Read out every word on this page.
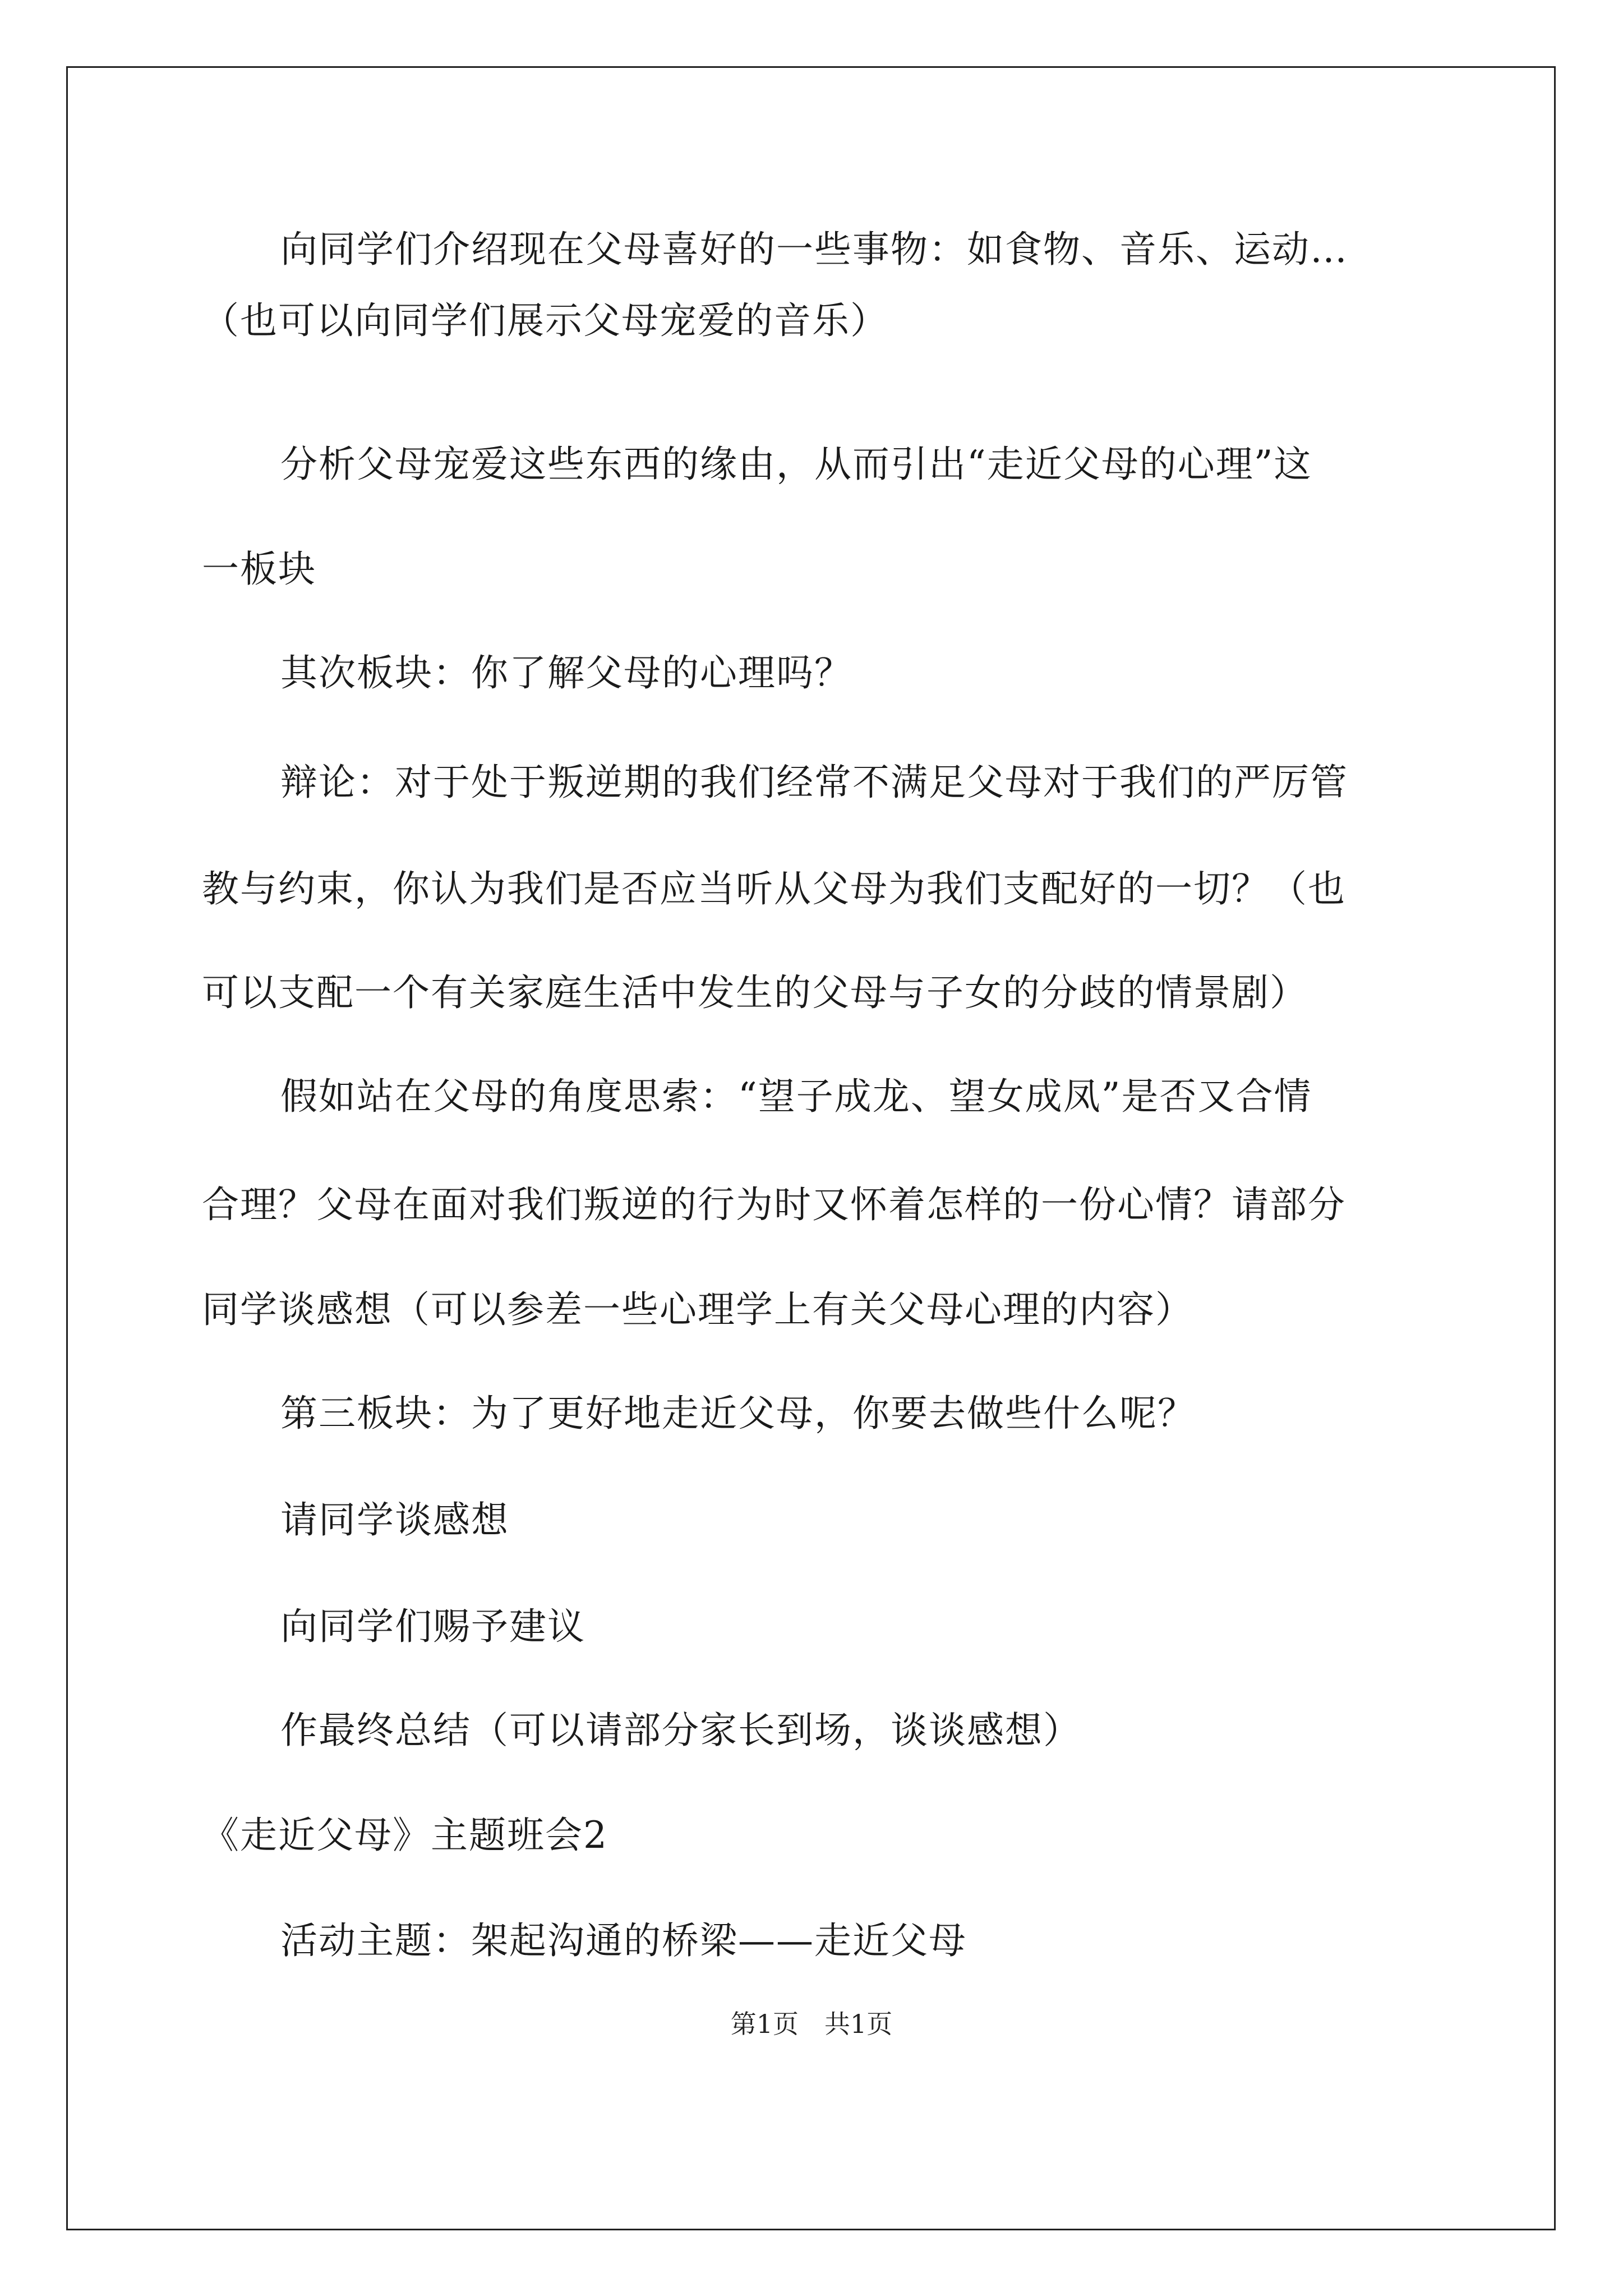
向同学们介绍现在父母喜好的一些事物：如食物、音乐、运动…
（也可以向同学们展示父母宠爱的音乐）
分析父母宠爱这些东西的缘由，从而引出“走近父母的心理”这
一板块
其次板块：你了解父母的心理吗？
辩论：对于处于叛逆期的我们经常不满足父母对于我们的严厉管
教与约束，你认为我们是否应当听从父母为我们支配好的一切？（也
可以支配一个有关家庭生活中发生的父母与子女的分歧的情景剧）
假如站在父母的角度思索：“望子成龙、望女成凤”是否又合情
合理？父母在面对我们叛逆的行为时又怀着怎样的一份心情？请部分
同学谈感想（可以参差一些心理学上有关父母心理的内容）
第三板块：为了更好地走近父母，你要去做些什么呢？
请同学谈感想
向同学们赐予建议
作最终总结（可以请部分家长到场，谈谈感想）
《走近父母》主题班会2
活动主题：架起沟通的桥梁——走近父母
第1页　共1页
